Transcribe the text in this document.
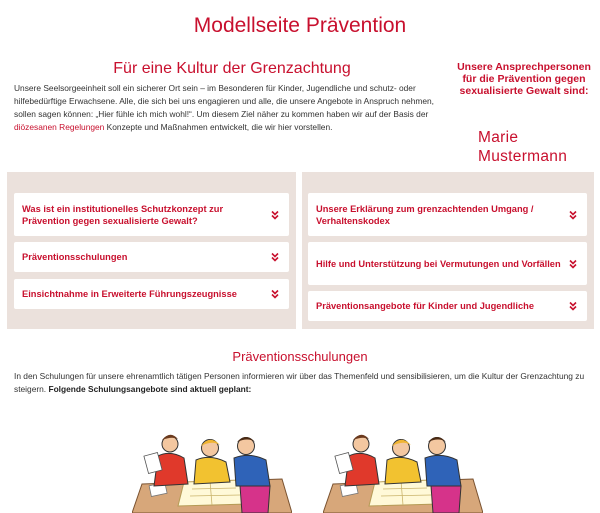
Modellseite Prävention
Für eine Kultur der Grenzachtung

Unsere Seelsorgeeinheit soll ein sicherer Ort sein – im Besonderen für Kinder, Jugendliche und schutz- oder hilfebedürftige Erwachsene. Alle, die sich bei uns engagieren und alle, die unsere Angebote in Anspruch nehmen, sollen sagen können: „Hier fühle ich mich wohl!“. Um diesem Ziel näher zu kommen haben wir auf der Basis der diözesanen Regelungen Konzepte und Maßnahmen entwickelt, die wir hier vorstellen.

Unsere Ansprechpersonen für die Prävention gegen sexualisierte Gewalt sind:

Marie Mustermann

Was ist ein institutionelles Schutzkonzept zur Prävention gegen sexualisierte Gewalt?
Präventionsschulungen
Einsichtnahme in Erweiterte Führungszeugnisse
Unsere Erklärung zum grenzachtenden Umgang / Verhaltenskodex
Hilfe und Unterstützung bei Vermutungen und Vorfällen
Präventionsangebote für Kinder und Jugendliche
Präventionsschulungen

In den Schulungen für unsere ehrenamtlich tätigen Personen informieren wir über das Themenfeld und sensibilisieren, um die Kultur der Grenzachtung zu steigern. Folgende Schulungsangebote sind aktuell geplant:
